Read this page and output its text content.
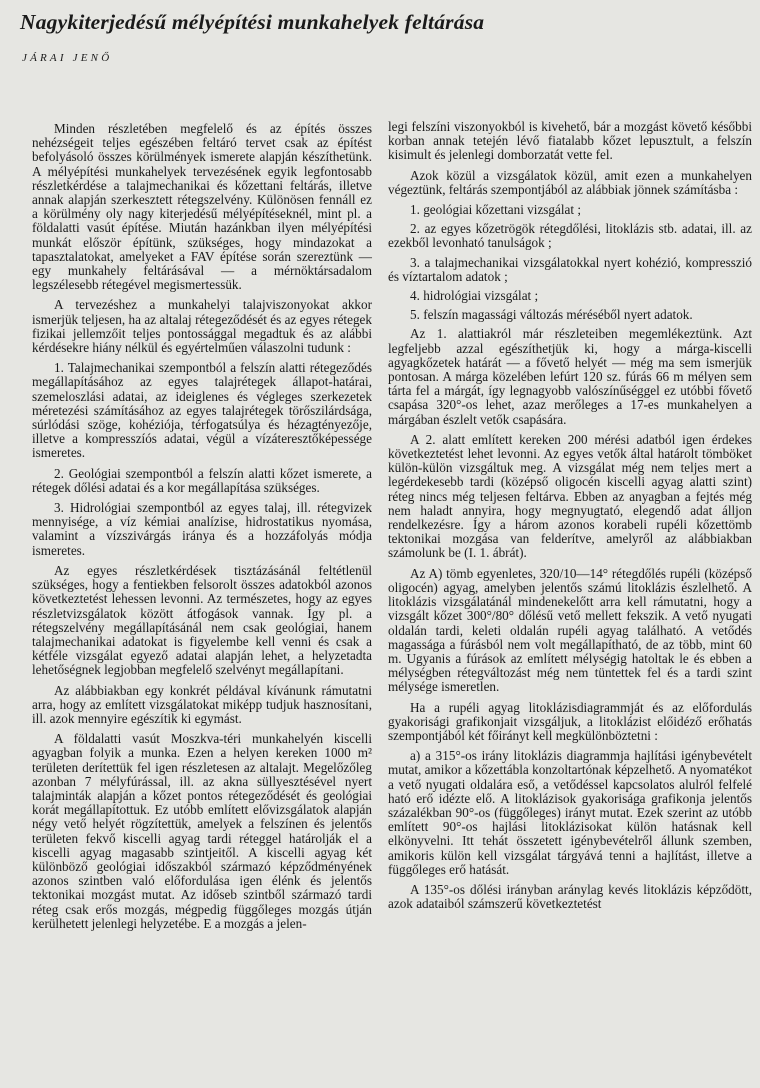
Nagykiterjedésű mélyépítési munkahelyek feltárása
JÁRAI JENŐ

Minden részletében megfelelő és az építés összes nehézségeit teljes egészében feltáró tervet csak az építést befolyásoló összes körülmények ismerete alapján készíthetünk. A mélyépítési munkahelyek tervezésének egyik legfontosabb részletkérdése a talajmechanikai és kőzettani feltárás, illetve annak alapján szerkesztett rétegszelvény. Különösen fennáll ez a körülmény oly nagy kiterjedésű mélyépítéseknél, mint pl. a földalatti vasút építése. Miután hazánkban ilyen mélyépítési munkát először építünk, szükséges, hogy mindazokat a tapasztalatokat, amelyeket a FAV építése során szereztünk — egy munkahely feltárásával — a mérnöktársadalom legszélesebb rétegével megismertessük.

A tervezéshez a munkahelyi talajviszonyokat akkor ismerjük teljesen, ha az altalaj rétegeződését és az egyes rétegek fizikai jellemzőit teljes pontossággal megadtuk és az alábbi kérdésekre hiány nélkül és egyértelműen válaszolni tudunk :

1. Talajmechanikai szempontból a felszín alatti rétegeződés megállapításához az egyes talajrétegek állapot-határai, szemeloszlási adatai, az ideiglenes és végleges szerkezetek méretezési számításához az egyes talajrétegek törőszilárdsága, súrlódási szöge, kohéziója, térfogatsúlya és hézagtényezője, illetve a kompresszíós adatai, végül a vízáteresztőképessége ismeretes.

2. Geológiai szempontból a felszín alatti kőzet ismerete, a rétegek dőlési adatai és a kor megállapítása szükséges.

3. Hidrológiai szempontból az egyes talaj, ill. rétegvizek mennyisége, a víz kémiai analízise, hidrostatikus nyomása, valamint a vízszivárgás iránya és a hozzáfolyás módja ismeretes.

Az egyes részletkérdések tisztázásánál feltétlenül szükséges, hogy a fentiekben felsorolt összes adatokból azonos következtetést lehessen levonni. Az természetes, hogy az egyes részletvizsgálatok között átfogások vannak. Így pl. a rétegszelvény megállapításánál nem csak geológiai, hanem talajmechanikai adatokat is figyelembe kell venni és csak a kétféle vizsgálat egyező adatai alapján lehet, a helyzetadta lehetőségnek legjobban megfelelő szelvényt megállapítani.

Az alábbiakban egy konkrét példával kívánunk rámutatni arra, hogy az említett vizsgálatokat miképp tudjuk hasznosítani, ill. azok mennyire egészítik ki egymást.

A földalatti vasút Moszkva-téri munkahelyén kiscelli agyagban folyik a munka. Ezen a helyen kereken 1000 m² területen derítettük fel igen részletesen az altalajt. Megelőzőleg azonban 7 mélyfúrással, ill. az akna süllyesztésével nyert talajminták alapján a kőzet pontos rétegeződését és geológiai korát megállapítottuk. Ez utóbb említett elővizsgálatok alapján négy vető helyét rögzítettük, amelyek a felszínen és jelentős területen fekvő kiscelli agyag tardi réteggel határolják el a kiscelli agyag magasabb szintjeitől. A kiscelli agyag két különböző geológiai időszakból származó képződményének azonos szintben való előfordulása igen élénk és jelentős tektonikai mozgást mutat. Az időseb szintből származó tardi réteg csak erős mozgás, mégpedig függőleges mozgás útján kerülhetett jelenlegi helyzetébe. E a mozgás a jelen-

legi felszíni viszonyokból is kivehető, bár a mozgást követő későbbi korban annak tetején lévő fiatalabb kőzet lepusztult, a felszín kisimult és jelenlegi domborzatát vette fel.

Azok közül a vizsgálatok közül, amit ezen a munkahelyen végeztünk, feltárás szempontjából az alábbiak jönnek számításba :

1. geológiai kőzettani vizsgálat ;

2. az egyes kőzetrögök rétegdőlési, litoklázis stb. adatai, ill. az ezekből levonható tanulságok ;

3. a talajmechanikai vizsgálatokkal nyert kohézió, kompresszió és víztartalom adatok ;

4. hidrológiai vizsgálat ;

5. felszín magassági változás méréséből nyert adatok.

Az 1. alattiakról már részleteiben megemlékeztünk. Azt legfeljebb azzal egészíthetjük ki, hogy a márga-kiscelli agyagkőzetek határát — a fővető helyét — még ma sem ismerjük pontosan. A márga közelében lefúrt 120 sz. fúrás 66 m mélyen sem tárta fel a márgát, így legnagyobb valószínűséggel ez utóbbi fővető csapása 320°-os lehet, azaz merőleges a 17-es munkahelyen a márgában észlelt vetők csapására.

A 2. alatt említett kereken 200 mérési adatból igen érdekes következtetést lehet levonni. Az egyes vetők által határolt tömböket külön-külön vizsgáltuk meg. A vizsgálat még nem teljes mert a legérdekesebb tardi (középső oligocén kiscelli agyag alatti szint) réteg nincs még teljesen feltárva. Ebben az anyagban a fejtés még nem haladt annyira, hogy megnyugtató, elegendő adat álljon rendelkezésre. Így a három azonos korabeli rupéli kőzettömb tektonikai mozgása van felderítve, amelyről az alábbiakban számolunk be (I. 1. ábrát).

Az A) tömb egyenletes, 320/10—14° rétegdőlés rupéli (középső oligocén) agyag, amelyben jelentős számú litoklázis észlelhető. A litoklázis vizsgálatánál mindenekelőtt arra kell rámutatni, hogy a vizsgált kőzet 300°/80° dőlésű vető mellett fekszik. A vető nyugati oldalán tardi, keleti oldalán rupéli agyag található. A vetődés magassága a fúrásból nem volt megállapítható, de az több, mint 60 m. Ugyanis a fúrások az említett mélységig hatoltak le és ebben a mélységben rétegváltozást még nem tüntettek fel és a tardi szint mélysége ismeretlen.

Ha a rupéli agyag litoklázisdiagrammját és az előfordulás gyakorisági grafikonjait vizsgáljuk, a litoklázist előidéző erőhatás szempontjából két főirányt kell megkülönböztetni :

a) a 315°-os irány litoklázis diagrammja hajlítási igénybevételt mutat, amikor a kőzettábla konzoltartónak képzelhető. A nyomatékot a vető nyugati oldalára eső, a vetődéssel kapcsolatos alulról felfelé ható erő idézte elő. A litoklázisok gyakorisága grafikonja jelentős százalékban 90°-os (függőleges) irányt mutat. Ezek szerint az utóbb említett 90°-os hajlási litoklázisokat külön hatásnak kell elkönyvelni. Itt tehát összetett igénybevételről állunk szemben, amikoris külön kell vizsgálat tárgyává tenni a hajlítást, illetve a függőleges erő hatását.

A 135°-os dőlési irányban aránylag kevés litoklázis képződött, azok adataiból számszerű következtetést
